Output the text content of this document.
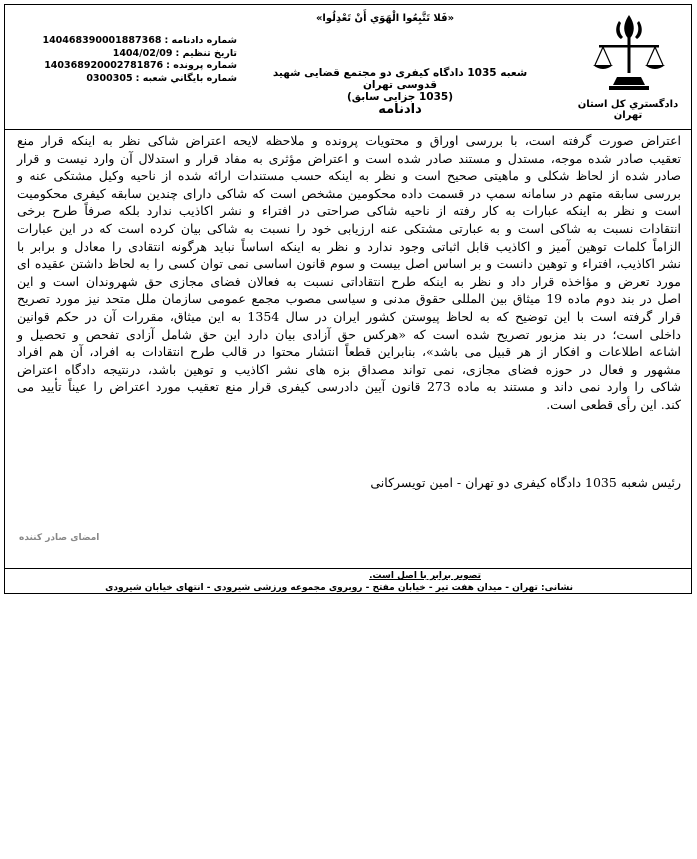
دادگستري كل استان تهران
«فَلا تَتَّبِعُوا الْهَوَي أَنْ تَعْدِلُوا»
شماره دادنامه :
140468390001887368
تاريخ تنظيم :
1404/02/09
شماره پرونده :
140368920002781876
شماره بايگاني شعبه :
0300305	شعبه 1035 دادگاه کیفری دو مجتمع قضایی شهید قدوسی تهران
(1035 جزایی سابق)
دادنامه
اعتراض صورت گرفته است، با بررسی اوراق و محتویات پرونده و ملاحظه لایحه اعتراض شاکی نظر به اینکه قرار منع
تعقیب صادر شده موجه، مستدل و مستند صادر شده است و اعتراض مؤثری به مفاد قرار و استدلال آن وارد نیست و قرار
صادر شده از لحاظ شکلی و ماهیتی صحیح است و نظر به اینکه حسب مستندات ارائه شده از ناحیه وکیل مشتکی عنه و
بررسی سابقه متهم در سامانه سمپ در قسمت داده محکومین مشخص است که شاکی دارای چندین سابقه کیفری محکومیت
است و نظر به اینکه عبارات به کار رفته از ناحیه شاکی صراحتی در افتراء و نشر اکاذیب ندارد بلکه صرفاً طرح برخی
انتقادات نسبت به شاکی است و به عبارتی مشتکی عنه ارزیابی خود را نسبت به شاکی بیان کرده است که در این عبارات
الزاماً کلمات توهین آمیز و اکاذیب قابل اثباتی وجود ندارد و نظر به اینکه اساساً نباید هرگونه انتقادی را معادل و برابر با
نشر اکاذیب، افتراء و توهین دانست و بر اساس اصل بیست و سوم قانون اساسی نمی توان کسی را به لحاظ داشتن عقیده ای
مورد تعرض و مؤاخذه قرار داد و نظر به اینکه طرح انتقاداتی نسبت به فعالان فضای مجازی حق شهروندان است و این
اصل در بند دوم ماده 19 میثاق بین المللی حقوق مدنی و سیاسی مصوب مجمع عمومی سازمان ملل متحد نیز مورد تصریح
قرار گرفته است با این توضیح که به لحاظ پیوستن کشور ایران در سال 1354 به این میثاق، مقررات آن در حکم قوانین
داخلی است؛ در بند مزبور تصریح شده است که «هرکس حق آزادی بیان دارد این حق شامل آزادی تفحص و تحصیل و
اشاعه اطلاعات و افکار از هر قبیل می باشد»، بنابراین قطعاً انتشار محتوا در قالب طرح انتقادات به افراد، آن هم افراد
مشهور و فعال در حوزه فضای مجازی، نمی تواند مصداق بزه های نشر اکاذیب و توهین باشد، درنتیجه دادگاه اعتراض
شاکی را وارد نمی داند و مستند به ماده 273 قانون آیین دادرسی کیفری قرار منع تعقیب مورد اعتراض را عیناً تأیید می
کند. این رأی قطعی است.
رئیس شعبه 1035 دادگاه کیفری دو تهران - امین تویسرکانی
امضای صادر کننده
تصوير برابر با اصل است.
نشانی: تهران - میدان هفت تیر - خیابان مفتح - روبروی مجموعه ورزشی شیرودی - انتهای خیابان شیرودی
